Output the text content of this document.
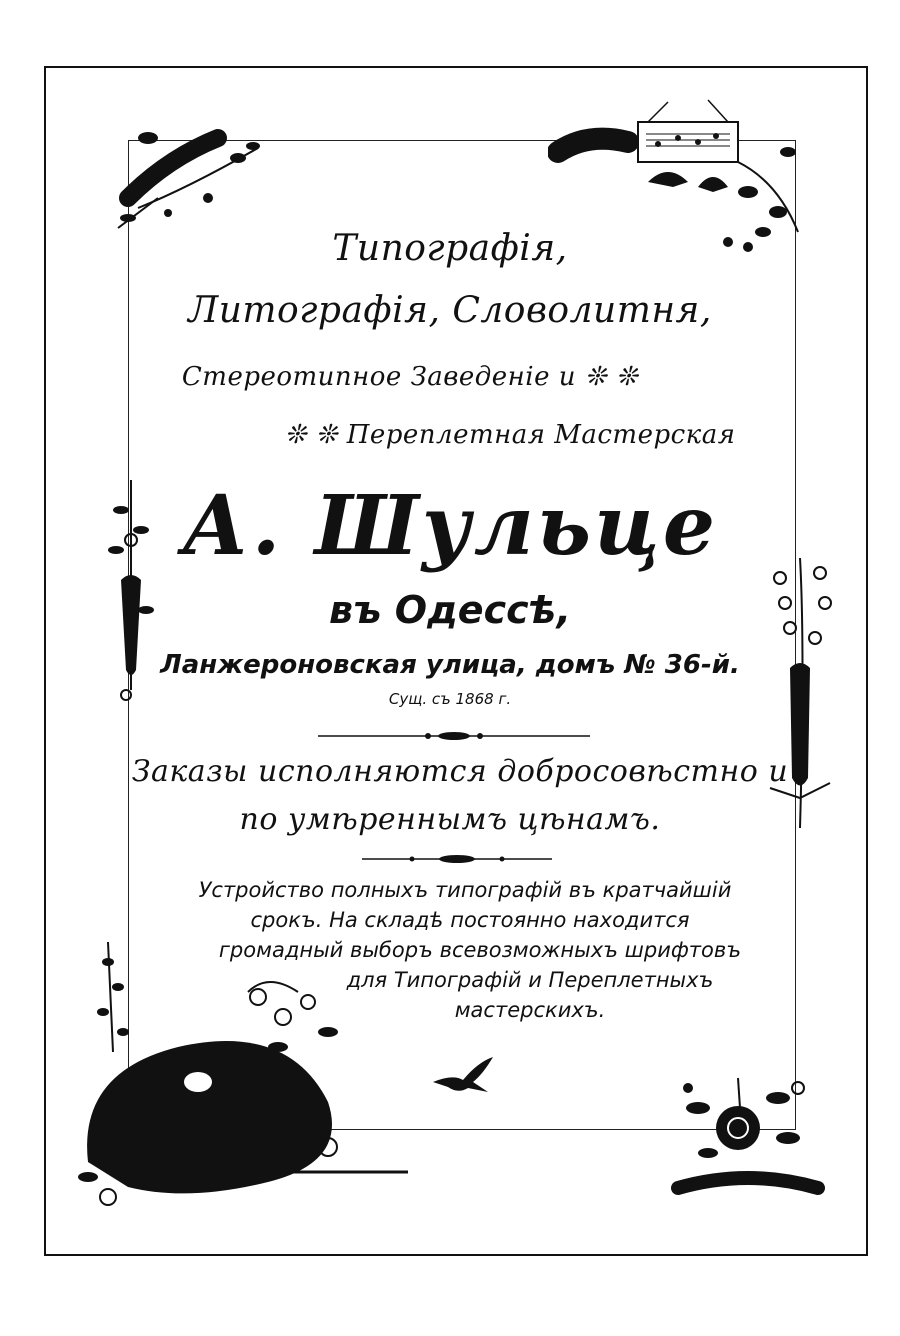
Типографія,
Литографія, Словолитня,
Стереотипное Заведеніе и ❊ ❊
❊ ❊ Переплетная Мастерская
А. Шульце
въ Одессѣ,
Ланжероновская улица, домъ № 36-й.
Сущ. съ 1868 г.
Заказы исполняются добросовѣстно и
по умѣреннымъ цѣнамъ.
Устройство полныхъ типографій въ кратчайшій
срокъ. На складѣ постоянно находится
громадный выборъ всевозможныхъ шрифтовъ
для Типографій и Переплетныхъ
мастерскихъ.
